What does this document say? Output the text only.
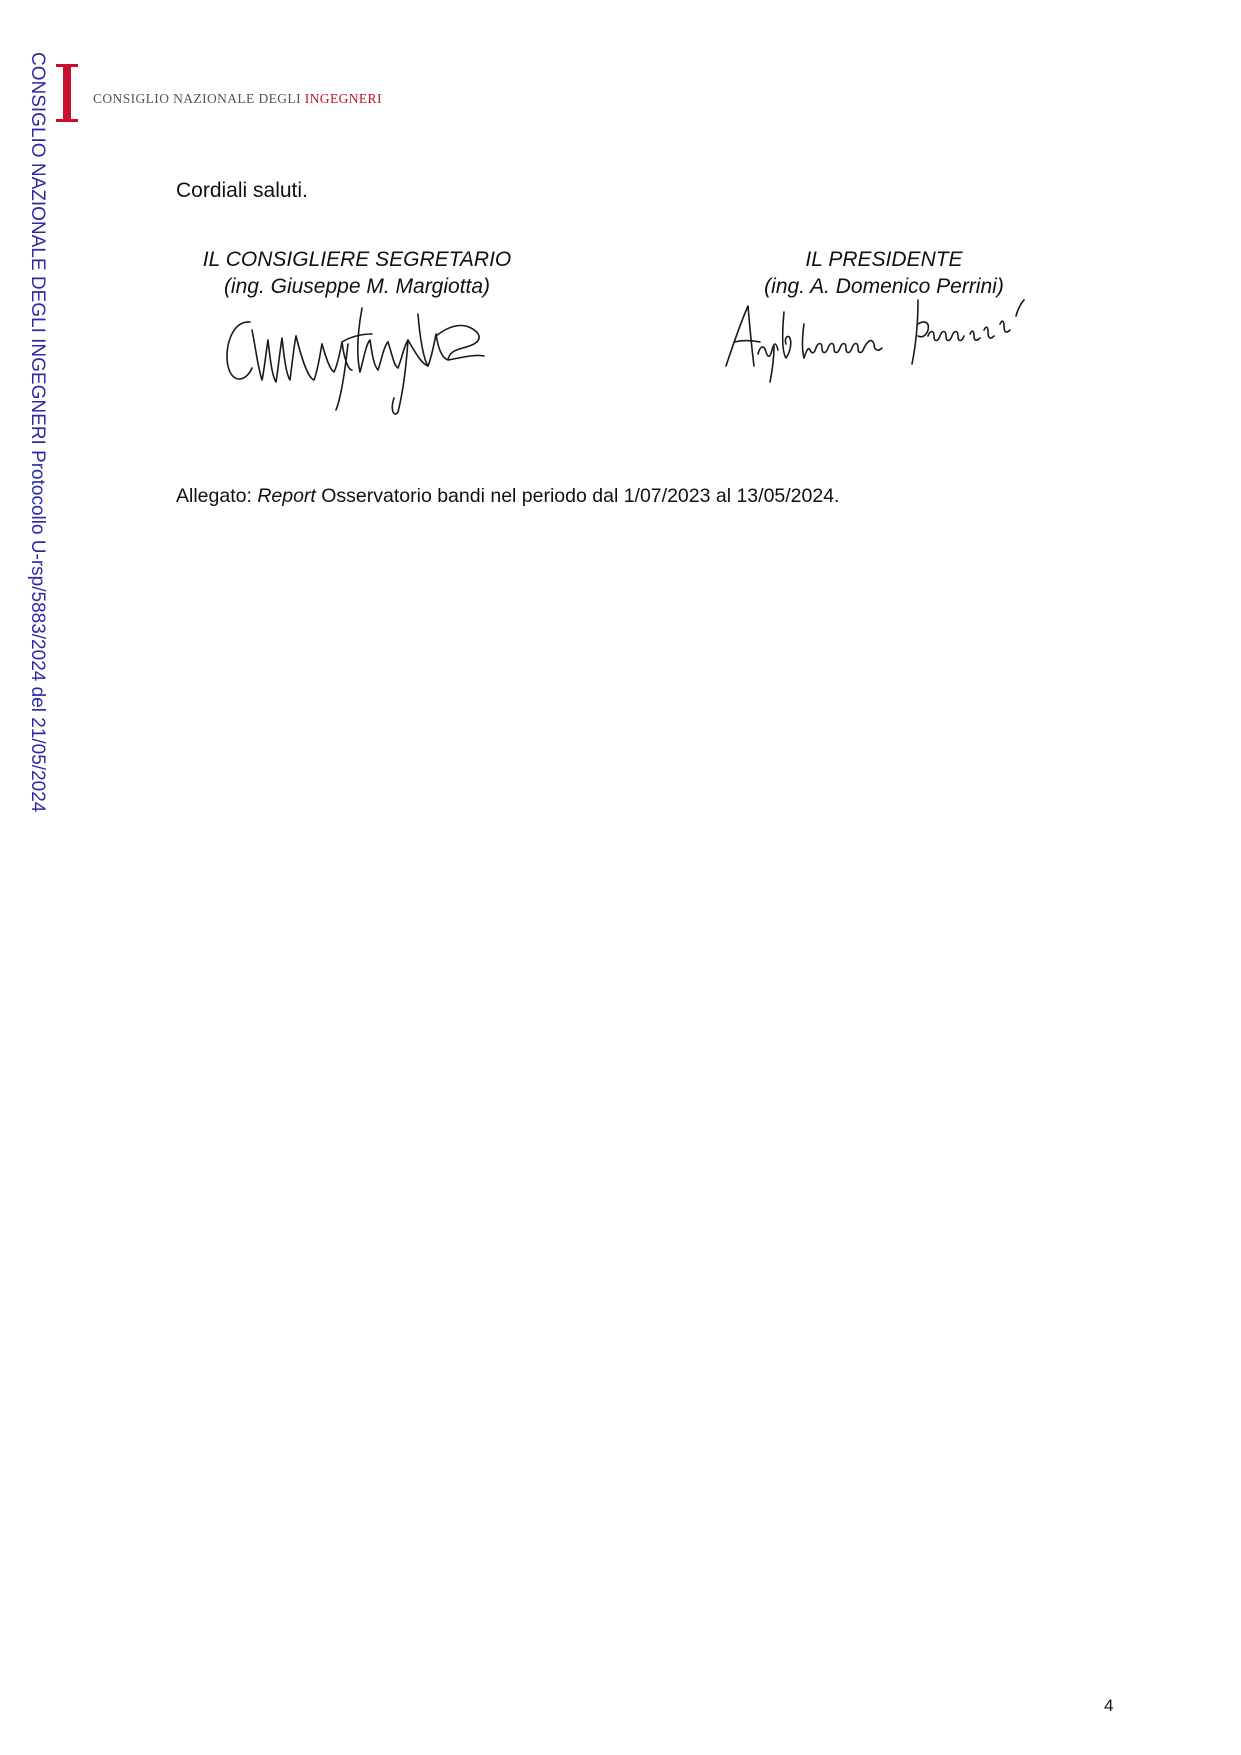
CONSIGLIO NAZIONALE DEGLI INGEGNERI Protocollo U-rsp/5883/2024 del 21/05/2024	CONSIGLIO NAZIONALE DEGLI INGEGNERI
Cordiali saluti.
IL CONSIGLIERE SEGRETARIO
(ing. Giuseppe M. Margiotta)
IL PRESIDENTE
(ing. A. Domenico Perrini)
Allegato: Report Osservatorio bandi nel periodo dal 1/07/2023 al 13/05/2024.
4
